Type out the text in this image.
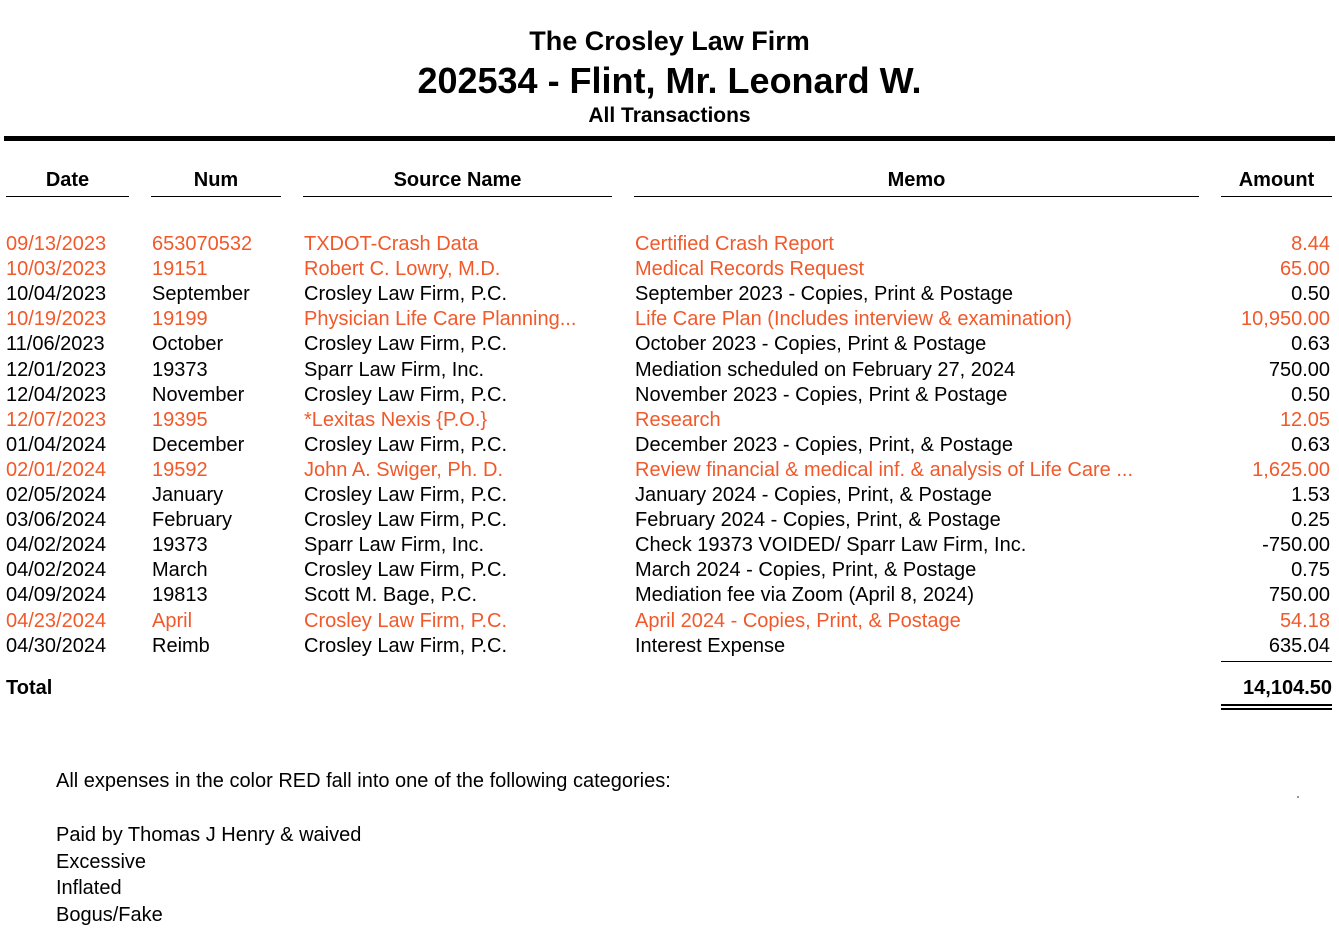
The Crosley Law Firm
202534 - Flint, Mr. Leonard W.
All Transactions
Date	Num	Source Name	Memo	Amount
09/13/2023	653070532	TXDOT-Crash Data	Certified Crash Report	8.44
10/03/2023	19151	Robert C. Lowry, M.D.	Medical Records Request	65.00
10/04/2023	September	Crosley Law Firm, P.C.	September 2023 - Copies, Print & Postage	0.50
10/19/2023	19199	Physician Life Care Planning...	Life Care Plan (Includes interview & examination)	10,950.00
11/06/2023	October	Crosley Law Firm, P.C.	October 2023 - Copies, Print & Postage	0.63
12/01/2023	19373	Sparr Law Firm, Inc.	Mediation scheduled on February 27, 2024	750.00
12/04/2023	November	Crosley Law Firm, P.C.	November 2023 - Copies, Print & Postage	0.50
12/07/2023	19395	*Lexitas Nexis {P.O.}	Research	12.05
01/04/2024	December	Crosley Law Firm, P.C.	December 2023 - Copies, Print, & Postage	0.63
02/01/2024	19592	John A. Swiger, Ph. D.	Review financial & medical inf. & analysis of Life Care ...	1,625.00
02/05/2024	January	Crosley Law Firm, P.C.	January 2024 - Copies, Print, & Postage	1.53
03/06/2024	February	Crosley Law Firm, P.C.	February 2024 - Copies, Print, & Postage	0.25
04/02/2024	19373	Sparr Law Firm, Inc.	Check 19373 VOIDED/ Sparr Law Firm, Inc.	-750.00
04/02/2024	March	Crosley Law Firm, P.C.	March 2024 - Copies, Print, & Postage	0.75
04/09/2024	19813	Scott M. Bage, P.C.	Mediation fee via Zoom (April 8, 2024)	750.00
04/23/2024	April	Crosley Law Firm, P.C.	April 2024 - Copies, Print, & Postage	54.18
04/30/2024	Reimb	Crosley Law Firm, P.C.	Interest Expense	635.04
Total	14,104.50
All expenses in the color RED fall into one of the following categories:
Paid by Thomas J Henry & waived
Excessive
Inflated
Bogus/Fake
